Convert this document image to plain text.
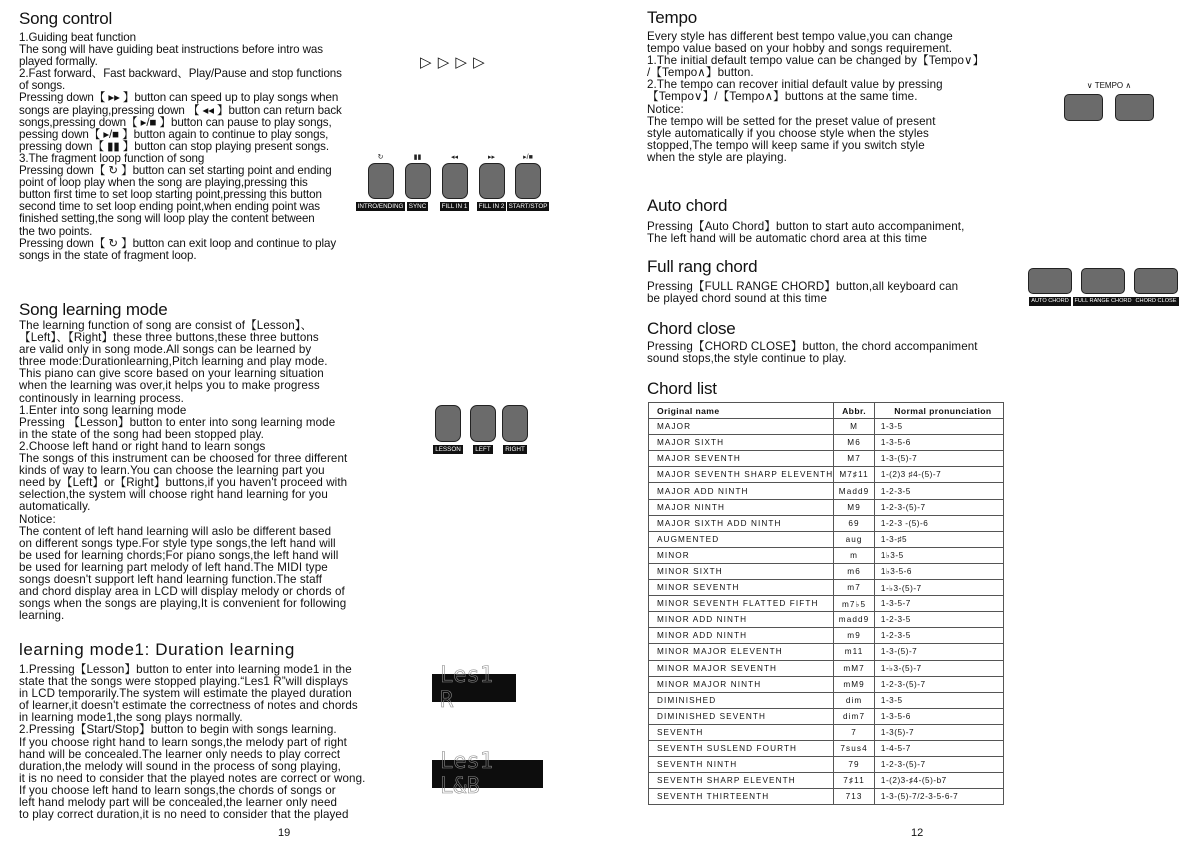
Song control
1.Guiding beat function
The song will have guiding beat instructions before intro was
played formally.
2.Fast forward、Fast backward、Play/Pause and stop functions
of songs.
Pressing down【 ▸▸ 】button can speed up to play songs when
songs are playing,pressing down 【 ◂◂ 】button can return back
songs,pressing down【 ▸/■ 】button can pause to play songs,
pessing down【 ▸/■ 】button again to continue to play songs,
pressing down【 ▮▮ 】button can stop playing present songs.
3.The fragment loop function of song
Pressing down【 ↻ 】button can set starting point and ending
point of loop play when the song are playing,pressing this
button first time to set loop starting point,pressing this button
second time to set loop ending point,when ending point was
finished setting,the song will loop play the content between
the two points.
Pressing down【 ↻ 】button can exit loop and continue to play
songs in the state of fragment loop.
▷ ▷ ▷ ▷
↻
INTRO/ENDING
▮▮
SYNC
◂◂
FILL IN 1
▸▸
FILL IN 2
▸/■
START/STOP
Song learning mode
The learning function of song are consist of【Lesson】、
【Left】、【Right】these three buttons,these three buttons
are valid only in song mode.All songs can be learned by
three mode:Durationlearning,Pitch learning and play mode.
This piano can give score based on your learning situation
when the learning was over,it helps you to make progress
continously in learning process.
1.Enter into song learning mode
Pressing 【Lesson】button to enter into song learning mode
in the state of the song had been stopped play.
2.Choose left hand or right hand to learn songs
The songs of this instrument can be choosed for three different
kinds of way to learn.You can choose the learning part you
need by【Left】or【Right】buttons,if you haven't proceed with
selection,the system will choose right hand learning for you
automatically.
Notice:
The content of left hand learning will aslo be different based
on different songs type.For style type songs,the left hand will
be used for learning chords;For piano songs,the left hand will
be used for learning part melody of left hand.The MIDI type
songs doesn't support left hand learning function.The staff
and chord display area in LCD will display melody or chords of
songs when the songs are playing,It is convenient for following
learning.
LESSON	LEFT	RIGHT
learning mode1: Duration learning
1.Pressing【Lesson】button to enter into learning mode1 in the
state that the songs were stopped playing.“Les1 R”will displays
in LCD temporarily.The system will estimate the played duration
of learner,it doesn't estimate the correctness of notes and chords
in learning mode1,the song plays normally.
2.Pressing【Start/Stop】button to begin with songs learning.
If you choose right hand to learn songs,the melody part of right
hand will be concealed.The learner only needs to play correct
duration,the melody will sound in the process of song playing,
it is no need to consider that the played notes are correct or wong.
If you choose left hand to learn songs,the chords of songs or
left hand melody part will be concealed,the learner only need
to play correct duration,it is no need to consider that the played
Les1 R
Les1 L&B
19
Tempo
Every style has different best tempo value,you can change
tempo value based on your hobby and songs requirement.
1.The initial default tempo value can be changed by【Tempo∨】
/【Tempo∧】button.
2.The tempo can recover initial default value by pressing
【Tempo∨】/【Tempo∧】buttons at the same time.
Notice:
The tempo will be setted for the preset value of present
style automatically if you choose style when the styles
stopped,The tempo will keep same if you switch style
when the style are playing.
∨ TEMPO ∧
Auto chord
Pressing【Auto Chord】button to start auto accompaniment,
The left hand will be automatic chord area at this time
Full rang chord
Pressing【FULL RANGE CHORD】button,all keyboard can
be played chord sound at this time	AUTO CHORD	FULL RANGE CHORD CHORD CLOSE
Chord close
Pressing【CHORD CLOSE】button, the chord accompaniment
sound stops,the style continue to play.
Chord list
Original name	Abbr.	Normal pronunciation
MAJOR	M	1-3-5
MAJOR SIXTH	M6	1-3-5-6
MAJOR SEVENTH	M7	1-3-(5)-7
MAJOR SEVENTH SHARP ELEVENTH	M7♯11	1-(2)3 ♯4-(5)-7
MAJOR ADD NINTH	Madd9	1-2-3-5
MAJOR NINTH	M9	1-2-3-(5)-7
MAJOR SIXTH ADD NINTH	69	1-2-3 -(5)-6
AUGMENTED	aug	1-3-♯5
MINOR	m	1♭3-5
MINOR SIXTH	m6	1♭3-5-6
MINOR SEVENTH	m7	1-♭3-(5)-7
MINOR SEVENTH FLATTED FIFTH	m7♭5	1-3-5-7
MINOR ADD NINTH	madd9	1-2-3-5
MINOR ADD NINTH	m9	1-2-3-5
MINOR MAJOR ELEVENTH	m11	1-3-(5)-7
MINOR MAJOR SEVENTH	mM7	1-♭3-(5)-7
MINOR MAJOR NINTH	mM9	1-2-3-(5)-7
DIMINISHED	dim	1-3-5
DIMINISHED SEVENTH	dim7	1-3-5-6
SEVENTH	7	1-3(5)-7
SEVENTH SUSLEND FOURTH	7sus4	1-4-5-7
SEVENTH NINTH	79	1-2-3-(5)-7
SEVENTH SHARP ELEVENTH	7♯11	1-(2)3-♯4-(5)-b7
SEVENTH THIRTEENTH	713	1-3-(5)-7/2-3-5-6-7
12
